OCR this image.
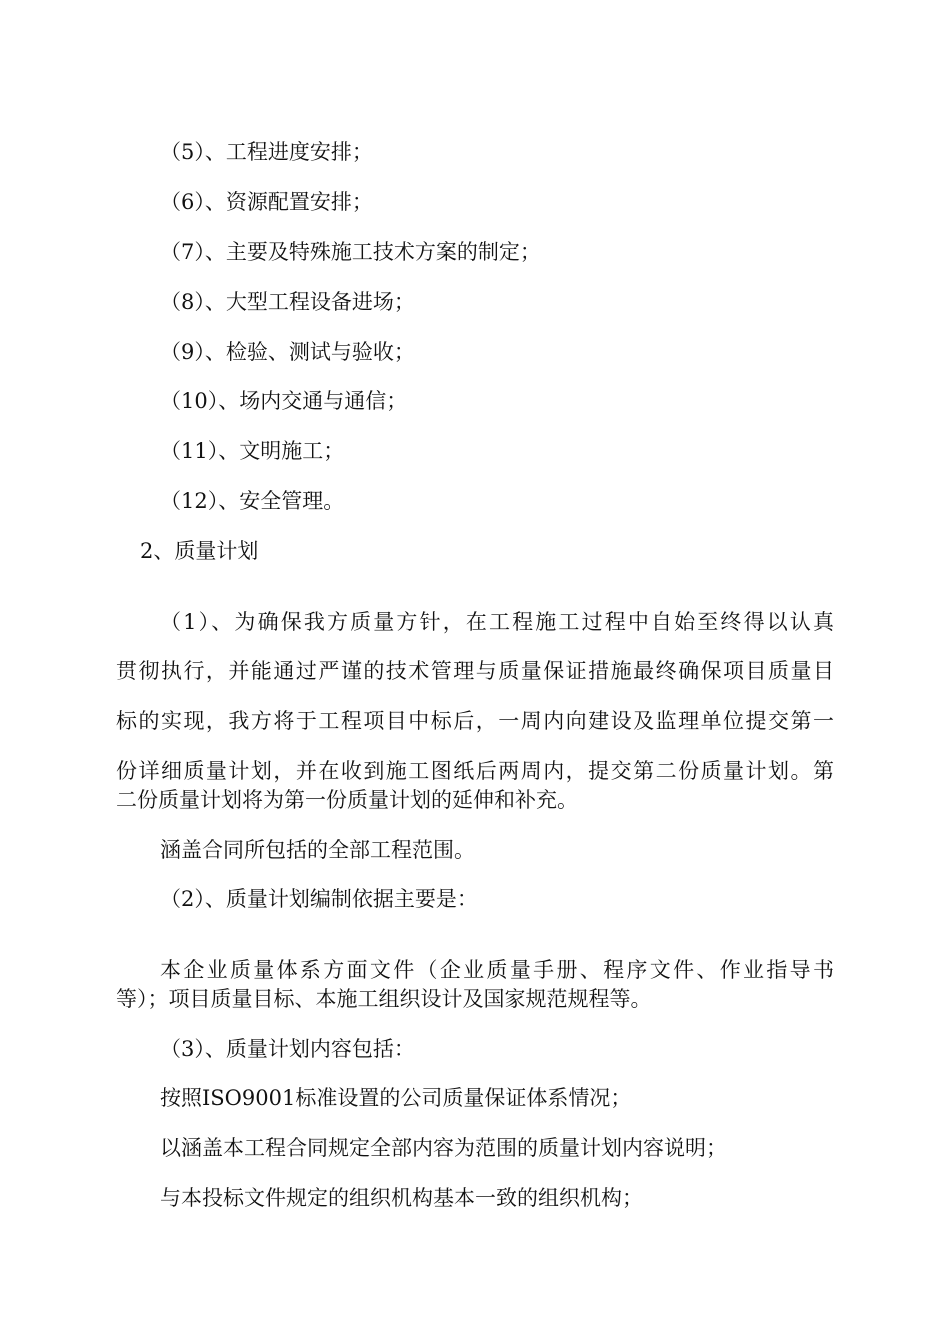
（5）、工程进度安排；

（6）、资源配置安排；

（7）、主要及特殊施工技术方案的制定；

（8）、大型工程设备进场；

（9）、检验、测试与验收；

（10）、场内交通与通信；

（11）、文明施工；

（12）、安全管理。

2、质量计划

（1）、为确保我方质量方针，在工程施工过程中自始至终得以认真

贯彻执行，并能通过严谨的技术管理与质量保证措施最终确保项目质量目

标的实现，我方将于工程项目中标后，一周内向建设及监理单位提交第一

份详细质量计划，并在收到施工图纸后两周内，提交第二份质量计划。第

二份质量计划将为第一份质量计划的延伸和补充。

涵盖合同所包括的全部工程范围。

（2）、质量计划编制依据主要是：

本企业质量体系方面文件（企业质量手册、程序文件、作业指导书

等）；项目质量目标、本施工组织设计及国家规范规程等。

（3）、质量计划内容包括：

按照ISO9001标准设置的公司质量保证体系情况；

以涵盖本工程合同规定全部内容为范围的质量计划内容说明；

与本投标文件规定的组织机构基本一致的组织机构；
